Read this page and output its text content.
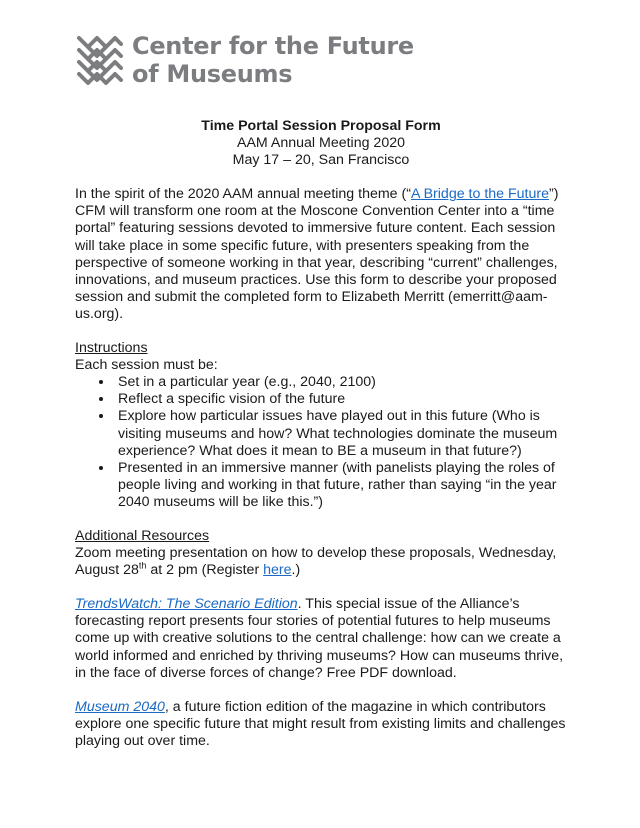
Center for the Future
of Museums
Time Portal Session Proposal Form
AAM Annual Meeting 2020
May 17 – 20, San Francisco

In the spirit of the 2020 AAM annual meeting theme (“A Bridge to the Future”) CFM will transform one room at the Moscone Convention Center into a “time portal” featuring sessions devoted to immersive future content. Each session will take place in some specific future, with presenters speaking from the perspective of someone working in that year, describing “current” challenges, innovations, and museum practices. Use this form to describe your proposed session and submit the completed form to Elizabeth Merritt (emerritt@aam-us.org).

Instructions
Each session must be:
• Set in a particular year (e.g., 2040, 2100)
• Reflect a specific vision of the future
• Explore how particular issues have played out in this future (Who is visiting museums and how? What technologies dominate the museum experience? What does it mean to BE a museum in that future?)
• Presented in an immersive manner (with panelists playing the roles of people living and working in that future, rather than saying “in the year 2040 museums will be like this.”)
Additional Resources

Zoom meeting presentation on how to develop these proposals, Wednesday, August 28th at 2 pm (Register here.)

TrendsWatch: The Scenario Edition. This special issue of the Alliance’s forecasting report presents four stories of potential futures to help museums come up with creative solutions to the central challenge: how can we create a world informed and enriched by thriving museums? How can museums thrive, in the face of diverse forces of change? Free PDF download.

Museum 2040, a future fiction edition of the magazine in which contributors explore one specific future that might result from existing limits and challenges playing out over time.
